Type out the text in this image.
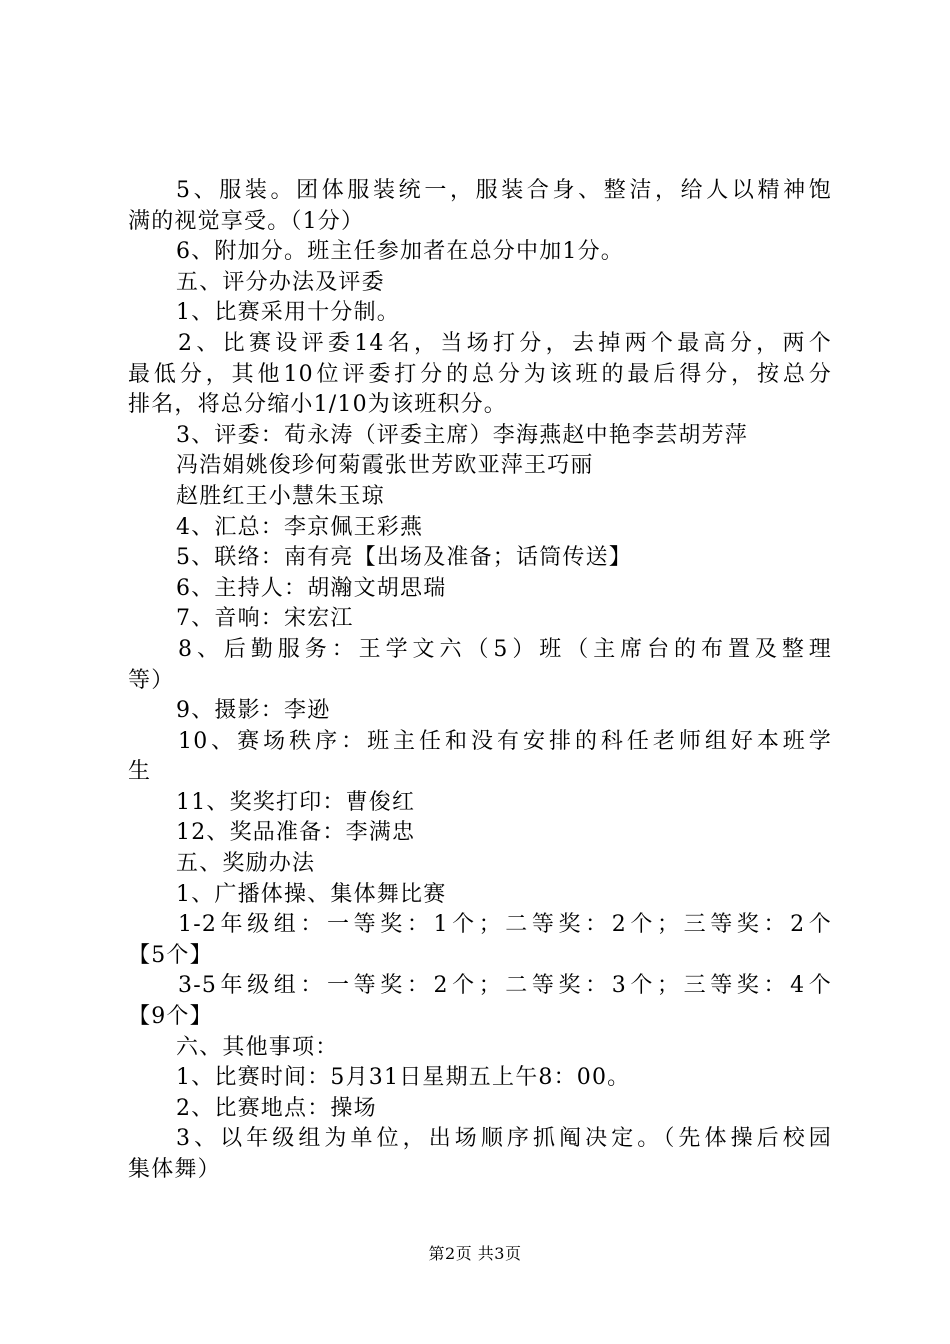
5、服装。团体服装统一，服装合身、整洁，给人以精神饱
满的视觉享受。（1分）
6、附加分。班主任参加者在总分中加1分。
五、评分办法及评委
1、比赛采用十分制。
2、比赛设评委14名，当场打分，去掉两个最高分，两个
最低分，其他10位评委打分的总分为该班的最后得分，按总分
排名，将总分缩小1/10为该班积分。
3、评委：荀永涛（评委主席）李海燕赵中艳李芸胡芳萍
冯浩娟姚俊珍何菊霞张世芳欧亚萍王巧丽
赵胜红王小慧朱玉琼
4、汇总：李京佩王彩燕
5、联络：南有亮【出场及准备；话筒传送】
6、主持人：胡瀚文胡思瑞
7、音响：宋宏江
8、后勤服务：王学文六（5）班（主席台的布置及整理
等）
9、摄影：李逊
10、赛场秩序：班主任和没有安排的科任老师组好本班学
生
11、奖奖打印：曹俊红
12、奖品准备：李满忠
五、奖励办法
1、广播体操、集体舞比赛
1-2年级组：一等奖：1个；二等奖：2个；三等奖：2个
【5个】
3-5年级组：一等奖：2个；二等奖：3个；三等奖：4个
【9个】
六、其他事项：
1、比赛时间：5月31日星期五上午8：00。
2、比赛地点：操场
3、以年级组为单位，出场顺序抓阄决定。（先体操后校园
集体舞）
第2页 共3页
